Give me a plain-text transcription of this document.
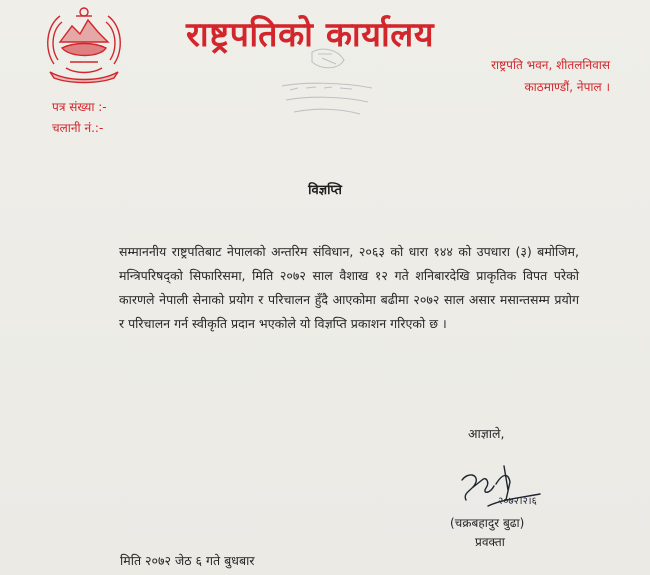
राष्ट्रपतिको कार्यालय
राष्ट्रपति भवन, शीतलनिवास
काठमाण्डौं, नेपाल ।
पत्र संख्या :-
चलानी नं.:-
विज्ञप्ति
सम्माननीय राष्ट्रपतिबाट नेपालको अन्तरिम संविधान, २०६३ को धारा १४४ को उपधारा (३) बमोजिम, मन्त्रिपरिषद्को सिफारिसमा, मिति २०७२ साल वैशाख १२ गते शनिबारदेखि प्राकृतिक विपत परेको कारणले नेपाली सेनाको प्रयोग र परिचालन हुँदै आएकोमा बढीमा २०७२ साल असार मसान्तसम्म प्रयोग र परिचालन गर्न स्वीकृति प्रदान भएकोले यो विज्ञप्ति प्रकाशन गरिएको छ ।
आज्ञाले,
२०७२।२।६
(चक्रबहादुर बुढा)
प्रवक्ता
मिति २०७२ जेठ ६ गते बुधबार
